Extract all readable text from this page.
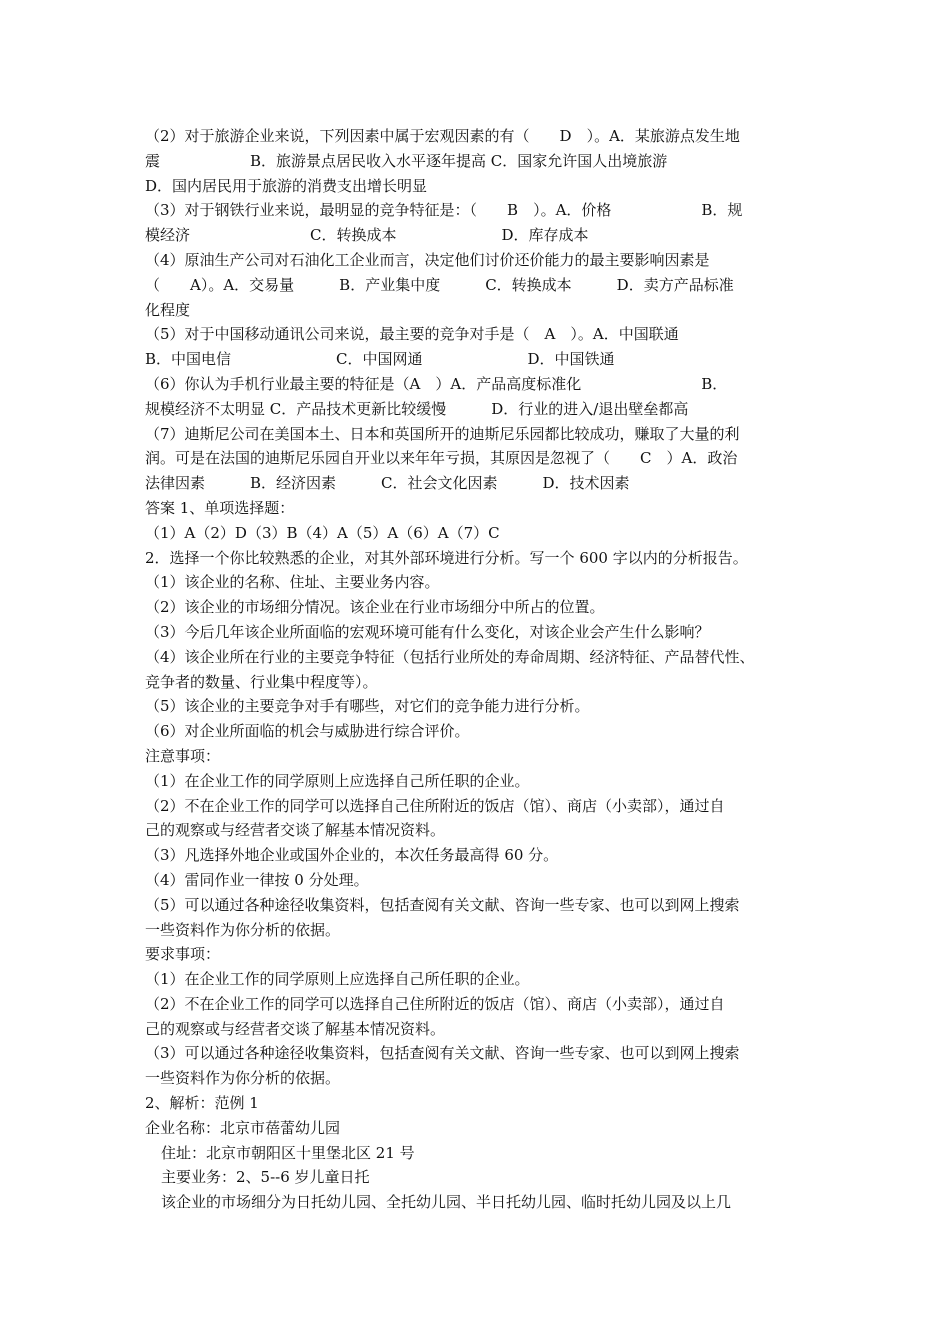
（2）对于旅游企业来说，下列因素中属于宏观因素的有（　　D　）。A．某旅游点发生地
震　　　　　　B．旅游景点居民收入水平逐年提高 C．国家允许国人出境旅游
D．国内居民用于旅游的消费支出增长明显
（3）对于钢铁行业来说，最明显的竞争特征是：（　　B　）。A．价格　　　　　　B．规
模经济　　　　　　　　C．转换成本　　　　　　　D．库存成本
（4）原油生产公司对石油化工企业而言，决定他们讨价还价能力的最主要影响因素是
（　　A）。A．交易量　　　B．产业集中度　　　C．转换成本　　　D．卖方产品标准
化程度
（5）对于中国移动通讯公司来说，最主要的竞争对手是（　A　）。A．中国联通
B．中国电信　　　　　　　C．中国网通　　　　　　　D．中国铁通
（6）你认为手机行业最主要的特征是（A　）A．产品高度标准化　　　　　　　　B．
规模经济不太明显 C．产品技术更新比较缓慢　　　D．行业的进入/退出壁垒都高
（7）迪斯尼公司在美国本土、日本和英国所开的迪斯尼乐园都比较成功，赚取了大量的利
润。可是在法国的迪斯尼乐园自开业以来年年亏损，其原因是忽视了（　　C　）A．政治
法律因素　　　B．经济因素　　　C．社会文化因素　　　D．技术因素
答案 1、单项选择题：
（1）A（2）D（3）B（4）A（5）A（6）A（7）C
2．选择一个你比较熟悉的企业，对其外部环境进行分析。写一个 600 字以内的分析报告。
（1）该企业的名称、住址、主要业务内容。
（2）该企业的市场细分情况。该企业在行业市场细分中所占的位置。
（3）今后几年该企业所面临的宏观环境可能有什么变化，对该企业会产生什么影响？
（4）该企业所在行业的主要竞争特征（包括行业所处的寿命周期、经济特征、产品替代性、
竞争者的数量、行业集中程度等）。
（5）该企业的主要竞争对手有哪些，对它们的竞争能力进行分析。
（6）对企业所面临的机会与威胁进行综合评价。
注意事项：
（1）在企业工作的同学原则上应选择自己所任职的企业。
（2）不在企业工作的同学可以选择自己住所附近的饭店（馆）、商店（小卖部），通过自
己的观察或与经营者交谈了解基本情况资料。
（3）凡选择外地企业或国外企业的，本次任务最高得 60 分。
（4）雷同作业一律按 0 分处理。
（5）可以通过各种途径收集资料，包括查阅有关文献、咨询一些专家、也可以到网上搜索
一些资料作为你分析的依据。
要求事项：
（1）在企业工作的同学原则上应选择自己所任职的企业。
（2）不在企业工作的同学可以选择自己住所附近的饭店（馆）、商店（小卖部），通过自
己的观察或与经营者交谈了解基本情况资料。
（3）可以通过各种途径收集资料，包括查阅有关文献、咨询一些专家、也可以到网上搜索
一些资料作为你分析的依据。
2、解析：范例 1
企业名称：北京市蓓蕾幼儿园
住址：北京市朝阳区十里堡北区 21 号
主要业务：2、5--6 岁儿童日托
该企业的市场细分为日托幼儿园、全托幼儿园、半日托幼儿园、临时托幼儿园及以上几
